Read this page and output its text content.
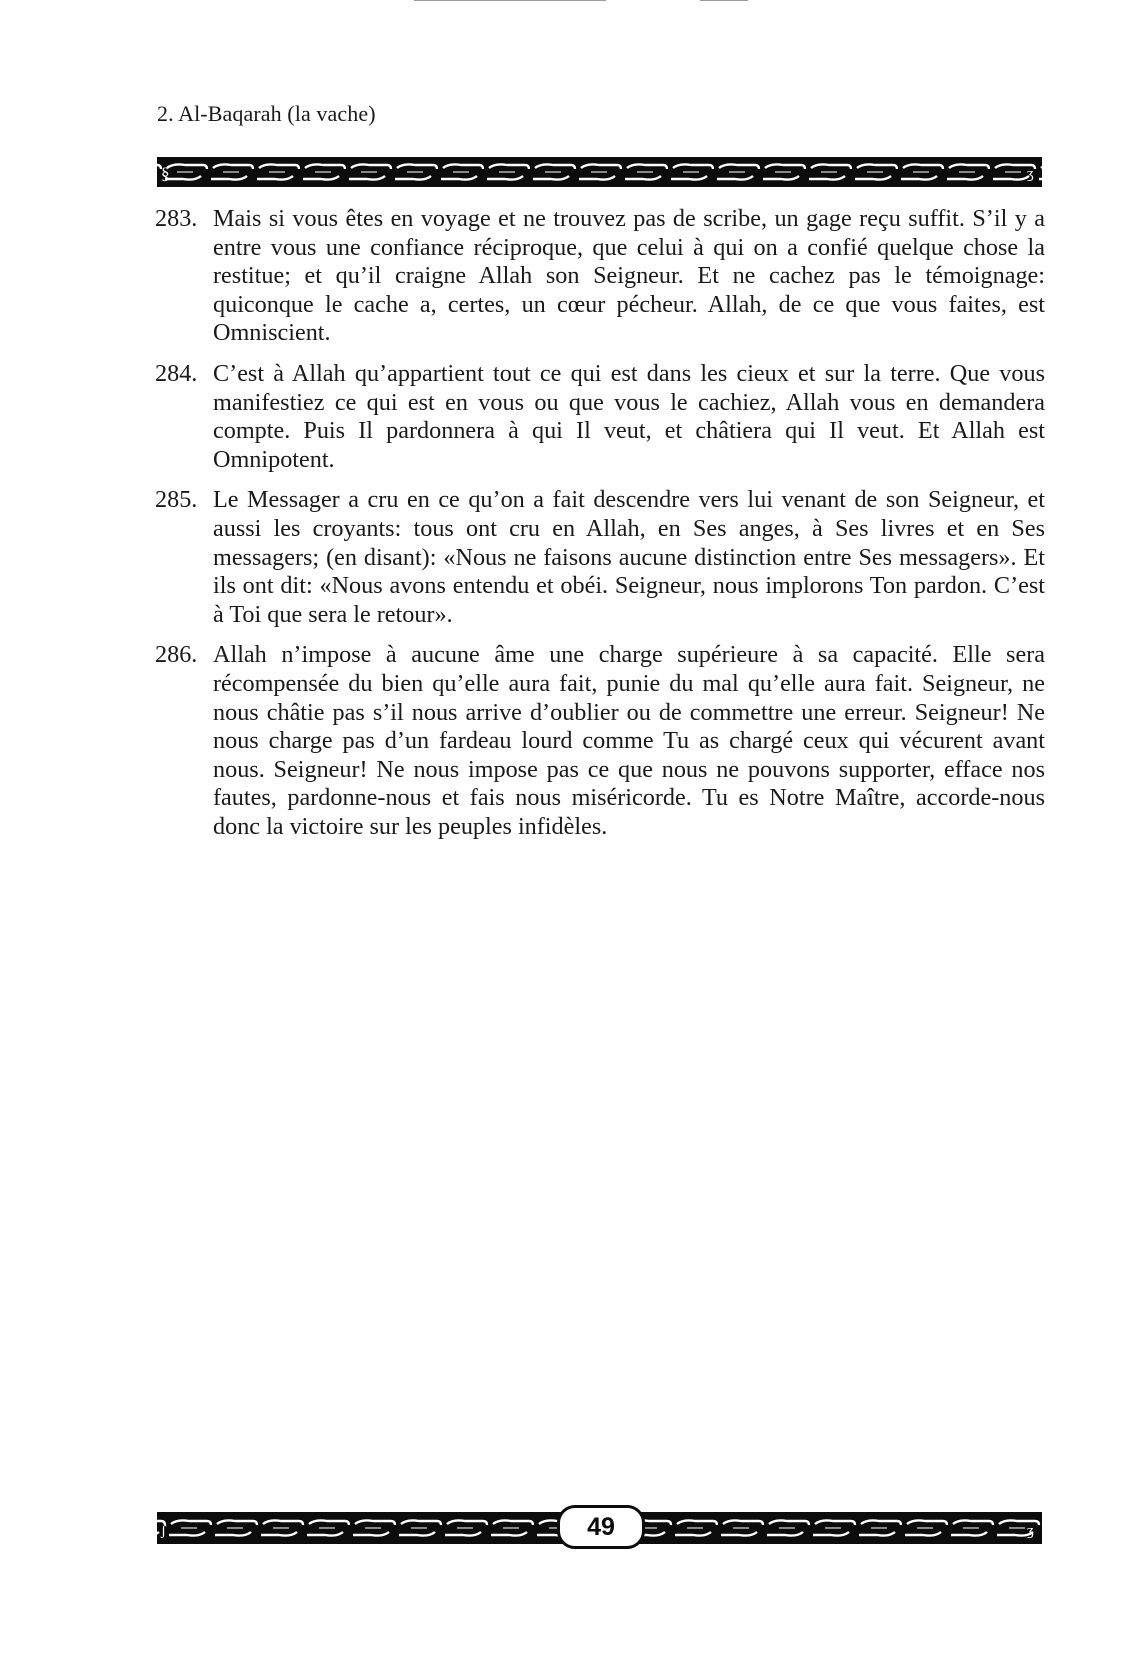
2. Al-Baqarah (la vache)
§	ʒ
283. Mais si vous êtes en voyage et ne trouvez pas de scribe, un gage reçu suffit. S’il y a entre vous une confiance réciproque, que celui à qui on a confié quelque chose la restitue; et qu’il craigne Allah son Seigneur. Et ne cachez pas le témoignage: quiconque le cache a, certes, un cœur pécheur. Allah, de ce que vous faites, est Omniscient.
284. C’est à Allah qu’appartient tout ce qui est dans les cieux et sur la terre. Que vous manifestiez ce qui est en vous ou que vous le cachiez, Allah vous en demandera compte. Puis Il pardonnera à qui Il veut, et châtiera qui Il veut. Et Allah est Omnipotent.
285. Le Messager a cru en ce qu’on a fait descendre vers lui venant de son Seigneur, et aussi les croyants: tous ont cru en Allah, en Ses anges, à Ses livres et en Ses messagers; (en disant): «Nous ne faisons aucune distinction entre Ses messagers». Et ils ont dit: «Nous avons entendu et obéi. Seigneur, nous implorons Ton pardon. C’est à Toi que sera le retour».
286. Allah n’impose à aucune âme une charge supérieure à sa capacité. Elle sera récompensée du bien qu’elle aura fait, punie du mal qu’elle aura fait. Seigneur, ne nous châtie pas s’il nous arrive d’oublier ou de commettre une erreur. Seigneur! Ne nous charge pas d’un fardeau lourd comme Tu as chargé ceux qui vécurent avant nous. Seigneur! Ne nous impose pas ce que nous ne pouvons supporter, efface nos fautes, pardonne-nous et fais nous miséricorde. Tu es Notre Maître, accorde-nous donc la victoire sur les peuples infidèles.
ʃ	ʒ
49
